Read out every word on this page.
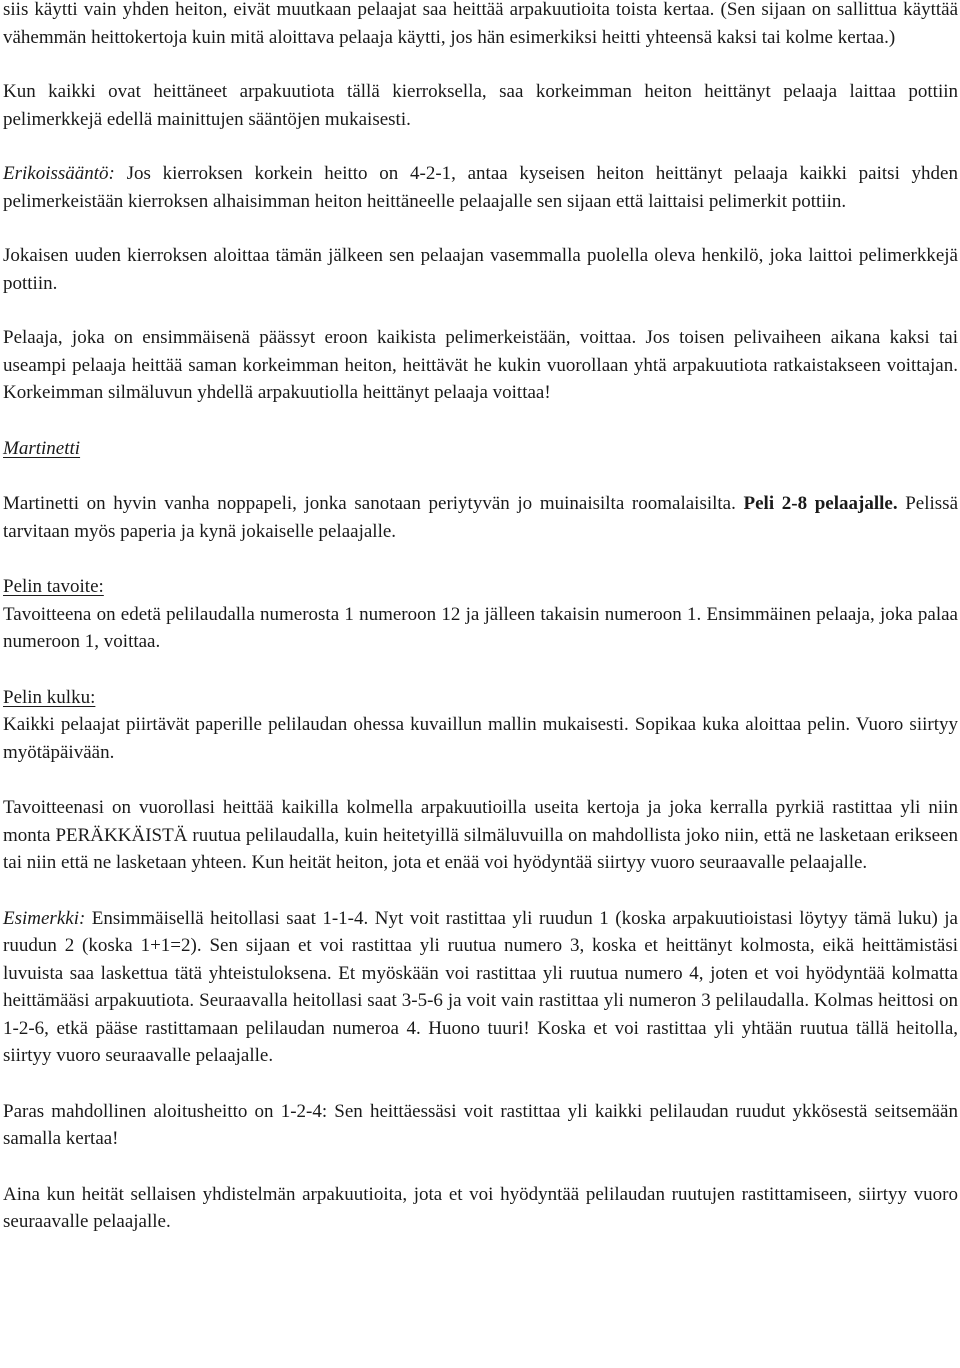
siis käytti vain yhden heiton, eivät muutkaan pelaajat saa heittää arpakuutioita toista kertaa. (Sen sijaan on sallittua käyttää vähemmän heittokertoja kuin mitä aloittava pelaaja käytti, jos hän esimerkiksi heitti yhteensä kaksi tai kolme kertaa.)

Kun kaikki ovat heittäneet arpakuutiota tällä kierroksella, saa korkeimman heiton heittänyt pelaaja laittaa pottiin pelimerkkejä edellä mainittujen sääntöjen mukaisesti.

Erikoissääntö: Jos kierroksen korkein heitto on 4-2-1, antaa kyseisen heiton heittänyt pelaaja kaikki paitsi yhden pelimerkeistään kierroksen alhaisimman heiton heittäneelle pelaajalle sen sijaan että laittaisi pelimerkit pottiin.

Jokaisen uuden kierroksen aloittaa tämän jälkeen sen pelaajan vasemmalla puolella oleva henkilö, joka laittoi pelimerkkejä pottiin.

Pelaaja, joka on ensimmäisenä päässyt eroon kaikista pelimerkeistään, voittaa. Jos toisen pelivaiheen aikana kaksi tai useampi pelaaja heittää saman korkeimman heiton, heittävät he kukin vuorollaan yhtä arpakuutiota ratkaistakseen voittajan. Korkeimman silmäluvun yhdellä arpakuutiolla heittänyt pelaaja voittaa!

Martinetti

Martinetti on hyvin vanha noppapeli, jonka sanotaan periytyvän jo muinaisilta roomalaisilta. Peli 2-8 pelaajalle. Pelissä tarvitaan myös paperia ja kynä jokaiselle pelaajalle.

Pelin tavoite:

Tavoitteena on edetä pelilaudalla numerosta 1 numeroon 12 ja jälleen takaisin numeroon 1. Ensimmäinen pelaaja, joka palaa numeroon 1, voittaa.

Pelin kulku:

Kaikki pelaajat piirtävät paperille pelilaudan ohessa kuvaillun mallin mukaisesti. Sopikaa kuka aloittaa pelin. Vuoro siirtyy myötäpäivään.

Tavoitteenasi on vuorollasi heittää kaikilla kolmella arpakuutioilla useita kertoja ja joka kerralla pyrkiä rastittaa yli niin monta PERÄKKÄISTÄ ruutua pelilaudalla, kuin heitetyillä silmäluvuilla on mahdollista joko niin, että ne lasketaan erikseen tai niin että ne lasketaan yhteen. Kun heität heiton, jota et enää voi hyödyntää siirtyy vuoro seuraavalle pelaajalle.

Esimerkki: Ensimmäisellä heitollasi saat 1-1-4. Nyt voit rastittaa yli ruudun 1 (koska arpakuutioistasi löytyy tämä luku) ja ruudun 2 (koska 1+1=2). Sen sijaan et voi rastittaa yli ruutua numero 3, koska et heittänyt kolmosta, eikä heittämistäsi luvuista saa laskettua tätä yhteistuloksena. Et myöskään voi rastittaa yli ruutua numero 4, joten et voi hyödyntää kolmatta heittämääsi arpakuutiota. Seuraavalla heitollasi saat 3-5-6 ja voit vain rastittaa yli numeron 3 pelilaudalla. Kolmas heittosi on 1-2-6, etkä pääse rastittamaan pelilaudan numeroa 4. Huono tuuri! Koska et voi rastittaa yli yhtään ruutua tällä heitolla, siirtyy vuoro seuraavalle pelaajalle.

Paras mahdollinen aloitusheitto on 1-2-4: Sen heittäessäsi voit rastittaa yli kaikki pelilaudan ruudut ykkösestä seitsemään samalla kertaa!

Aina kun heität sellaisen yhdistelmän arpakuutioita, jota et voi hyödyntää pelilaudan ruutujen rastittamiseen, siirtyy vuoro seuraavalle pelaajalle.
